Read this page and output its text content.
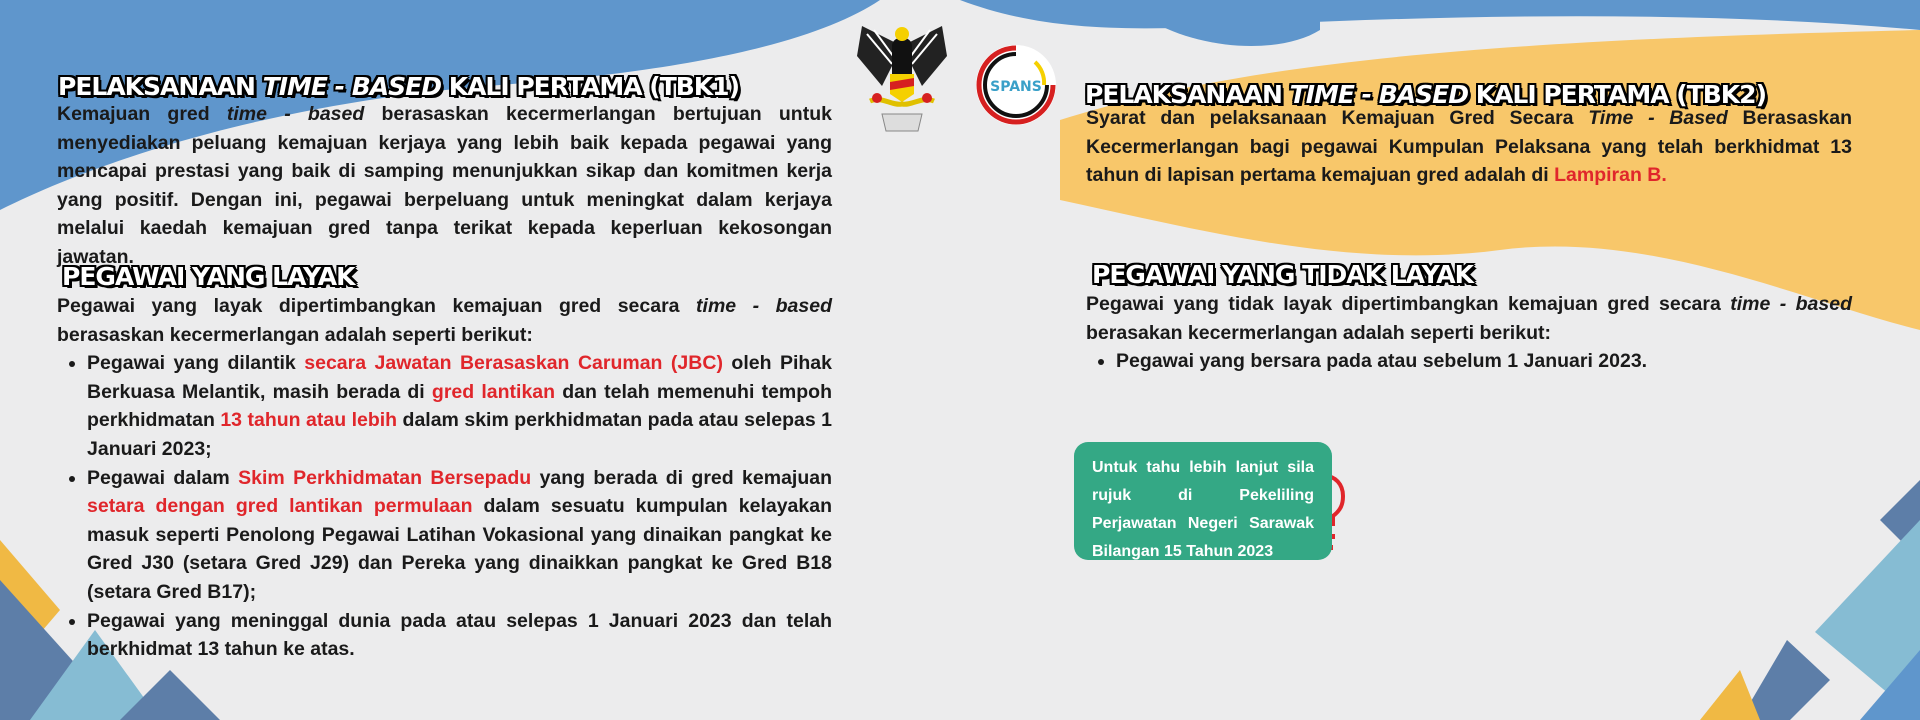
SPANS
PELAKSANAAN TIME - BASED KALI PERTAMA (TBK1)
Kemajuan gred time - based berasaskan kecermerlangan bertujuan untuk menyediakan peluang kemajuan kerjaya yang lebih baik kepada pegawai yang mencapai prestasi yang baik di samping menunjukkan sikap dan komitmen kerja yang positif. Dengan ini, pegawai berpeluang untuk meningkat dalam kerjaya melalui kaedah kemajuan gred tanpa terikat kepada keperluan kekosongan jawatan.
PEGAWAI YANG LAYAK
Pegawai yang layak dipertimbangkan kemajuan gred secara time - based berasaskan kecermerlangan adalah seperti berikut:
• Pegawai yang dilantik secara Jawatan Berasaskan Caruman (JBC) oleh Pihak Berkuasa Melantik, masih berada di gred lantikan dan telah memenuhi tempoh perkhidmatan 13 tahun atau lebih dalam skim perkhidmatan pada atau selepas 1 Januari 2023;
• Pegawai dalam Skim Perkhidmatan Bersepadu yang berada di gred kemajuan setara dengan gred lantikan permulaan dalam sesuatu kumpulan kelayakan masuk seperti Penolong Pegawai Latihan Vokasional yang dinaikan pangkat ke Gred J30 (setara Gred J29) dan Pereka yang dinaikkan pangkat ke Gred B18 (setara Gred B17);
• Pegawai yang meninggal dunia pada atau selepas 1 Januari 2023 dan telah berkhidmat 13 tahun ke atas.
PELAKSANAAN TIME - BASED KALI PERTAMA (TBK2)
Syarat dan pelaksanaan Kemajuan Gred Secara Time - Based Berasaskan Kecermerlangan bagi pegawai Kumpulan Pelaksana yang telah berkhidmat 13 tahun di lapisan pertama kemajuan gred adalah di Lampiran B.
PEGAWAI YANG TIDAK LAYAK
Pegawai yang tidak layak dipertimbangkan kemajuan gred secara time - based berasakan kecermerlangan adalah seperti berikut:
• Pegawai yang bersara pada atau sebelum 1 Januari 2023.
Untuk tahu lebih lanjut sila rujuk di Pekeliling Perjawatan Negeri Sarawak Bilangan 15 Tahun 2023
